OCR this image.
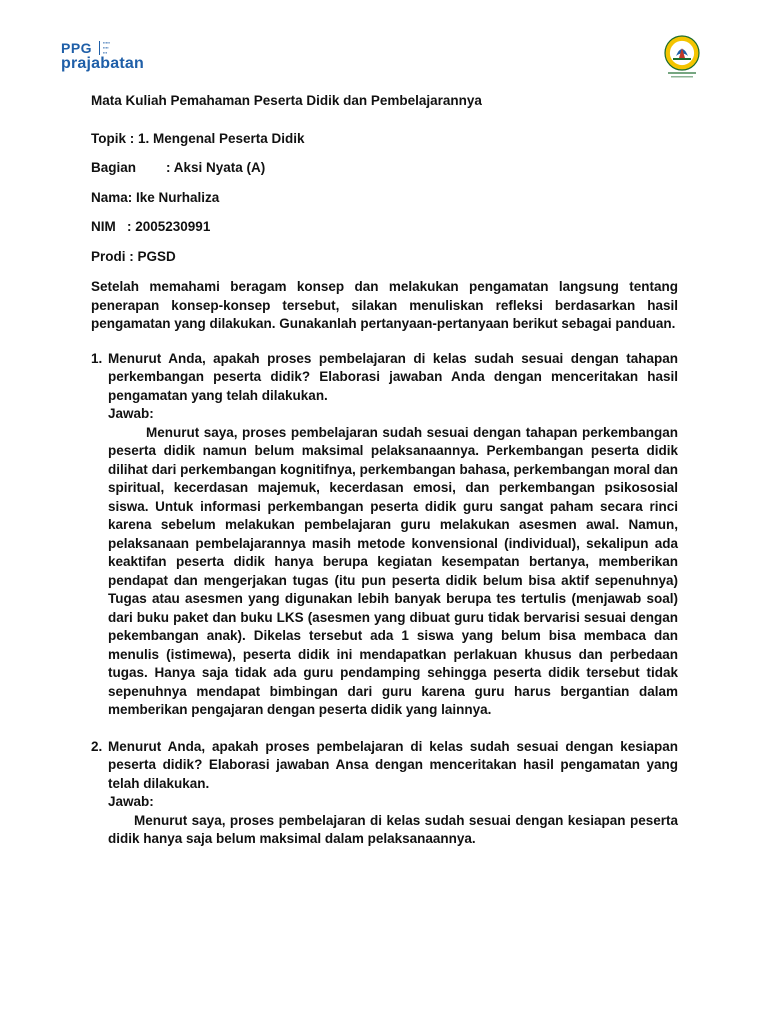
PPG	▪▪▪▪▪
▪▪▪▪
▪▪▪
prajabatan
Mata Kuliah Pemahaman Peserta Didik dan Pembelajarannya
Topik : 1. Mengenal Peserta Didik
Bagian        : Aksi Nyata (A)
Nama: Ike Nurhaliza
NIM   : 2005230991
Prodi : PGSD
Setelah memahami beragam konsep dan melakukan pengamatan langsung tentang penerapan konsep-konsep tersebut, silakan menuliskan refleksi berdasarkan hasil pengamatan yang dilakukan. Gunakanlah pertanyaan-pertanyaan berikut sebagai panduan.
1. Menurut Anda, apakah proses pembelajaran di kelas sudah sesuai dengan tahapan perkembangan peserta didik? Elaborasi jawaban Anda dengan menceritakan hasil pengamatan yang telah dilakukan.
Jawab:
Menurut saya, proses pembelajaran sudah sesuai dengan tahapan perkembangan peserta didik namun belum maksimal pelaksanaannya. Perkembangan peserta didik dilihat dari perkembangan kognitifnya, perkembangan bahasa, perkembangan moral dan spiritual, kecerdasan majemuk, kecerdasan emosi, dan perkembangan psikososial siswa. Untuk informasi perkembangan peserta didik guru sangat paham secara rinci karena sebelum melakukan pembelajaran guru melakukan asesmen awal. Namun, pelaksanaan pembelajarannya masih metode konvensional (individual), sekalipun ada keaktifan peserta didik hanya berupa kegiatan kesempatan bertanya, memberikan pendapat dan mengerjakan tugas (itu pun peserta didik belum bisa aktif sepenuhnya) Tugas atau asesmen yang digunakan lebih banyak berupa tes tertulis (menjawab soal) dari buku paket dan buku LKS (asesmen yang dibuat guru tidak bervarisi sesuai dengan pekembangan anak). Dikelas tersebut ada 1 siswa yang belum bisa membaca dan menulis (istimewa), peserta didik ini mendapatkan perlakuan khusus dan perbedaan tugas. Hanya saja tidak ada guru pendamping sehingga peserta didik tersebut tidak sepenuhnya mendapat bimbingan dari guru karena guru harus bergantian dalam memberikan pengajaran dengan peserta didik yang lainnya.
2. Menurut Anda, apakah proses pembelajaran di kelas sudah sesuai dengan kesiapan peserta didik? Elaborasi jawaban Ansa dengan menceritakan hasil pengamatan yang telah dilakukan.
Jawab:
Menurut saya, proses pembelajaran di kelas sudah sesuai dengan kesiapan peserta didik hanya saja belum maksimal dalam pelaksanaannya.
